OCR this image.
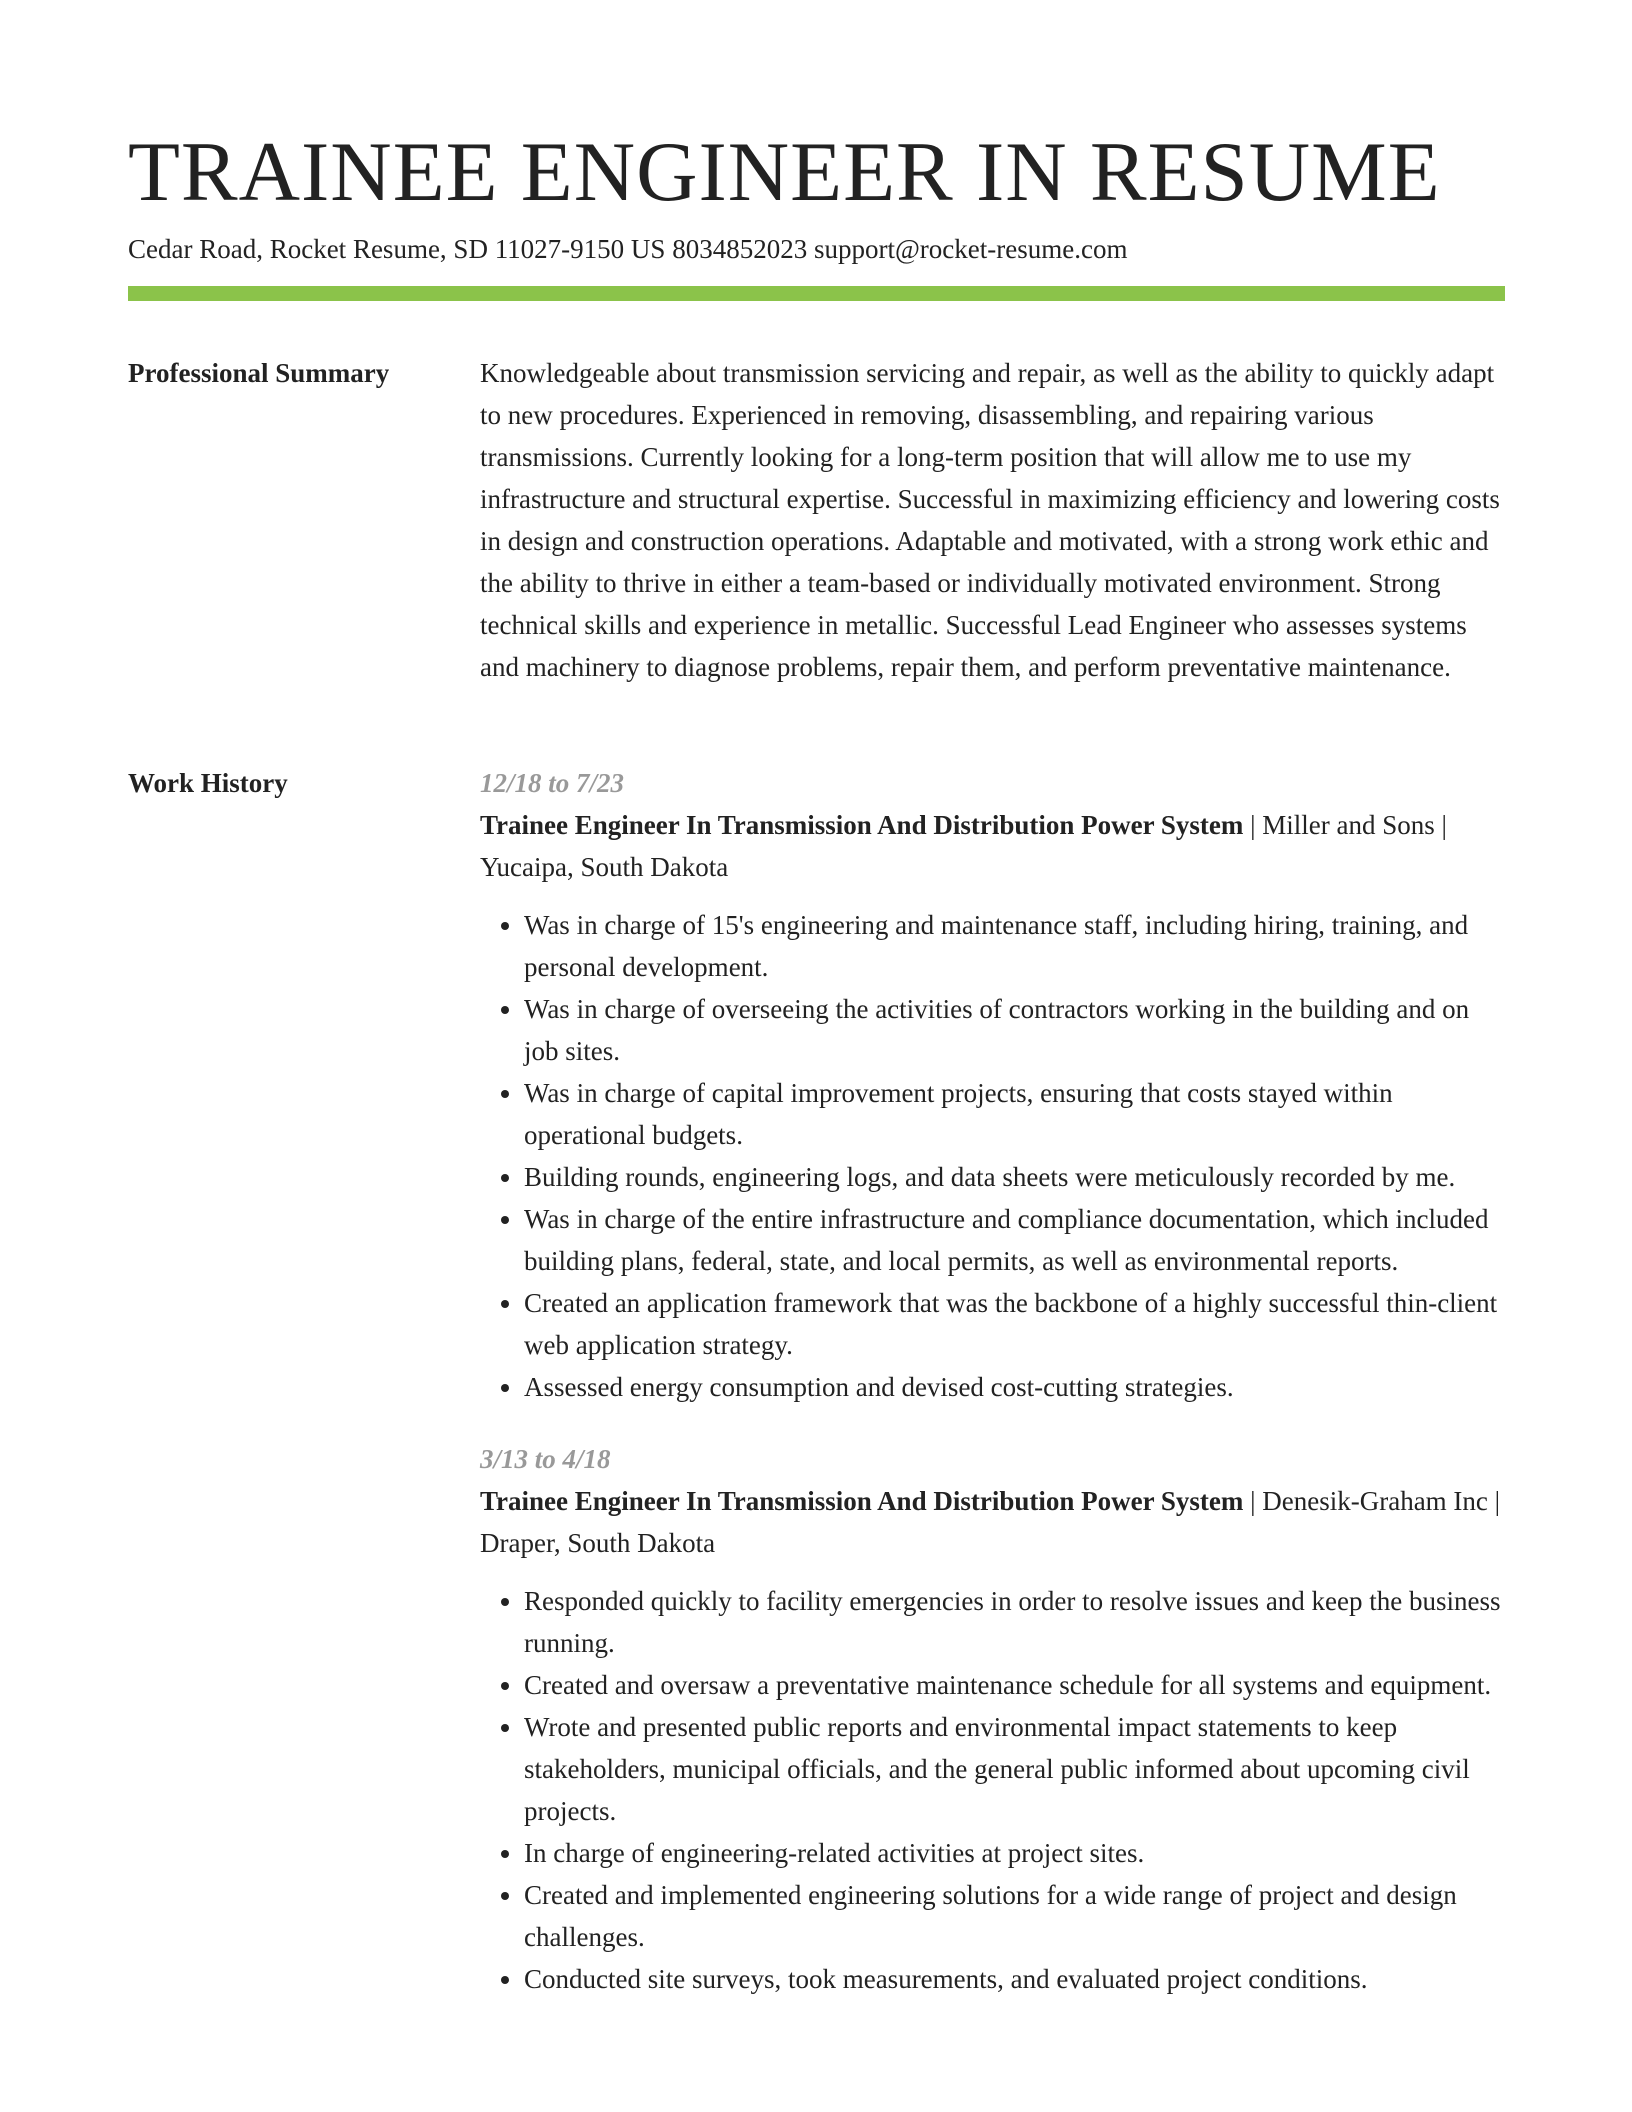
TRAINEE ENGINEER IN RESUME
Cedar Road, Rocket Resume, SD 11027-9150 US 8034852023 support@rocket-resume.com
Professional Summary	Knowledgeable about transmission servicing and repair, as well as the ability to quickly adapt to new procedures. Experienced in removing, disassembling, and repairing various transmissions. Currently looking for a long-term position that will allow me to use my infrastructure and structural expertise. Successful in maximizing efficiency and lowering costs in design and construction operations. Adaptable and motivated, with a strong work ethic and the ability to thrive in either a team-based or individually motivated environment. Strong technical skills and experience in metallic. Successful Lead Engineer who assesses systems and machinery to diagnose problems, repair them, and perform preventative maintenance.

Work History	12/18 to 7/23
Trainee Engineer In Transmission And Distribution Power System | Miller and Sons | Yucaipa, South Dakota
• Was in charge of 15's engineering and maintenance staff, including hiring, training, and personal development.
• Was in charge of overseeing the activities of contractors working in the building and on job sites.
• Was in charge of capital improvement projects, ensuring that costs stayed within operational budgets.
• Building rounds, engineering logs, and data sheets were meticulously recorded by me.
• Was in charge of the entire infrastructure and compliance documentation, which included building plans, federal, state, and local permits, as well as environmental reports.
• Created an application framework that was the backbone of a highly successful thin-client web application strategy.
• Assessed energy consumption and devised cost-cutting strategies.
3/13 to 4/18
Trainee Engineer In Transmission And Distribution Power System | Denesik-Graham Inc | Draper, South Dakota
• Responded quickly to facility emergencies in order to resolve issues and keep the business running.
• Created and oversaw a preventative maintenance schedule for all systems and equipment.
• Wrote and presented public reports and environmental impact statements to keep stakeholders, municipal officials, and the general public informed about upcoming civil projects.
• In charge of engineering-related activities at project sites.
• Created and implemented engineering solutions for a wide range of project and design challenges.
• Conducted site surveys, took measurements, and evaluated project conditions.
